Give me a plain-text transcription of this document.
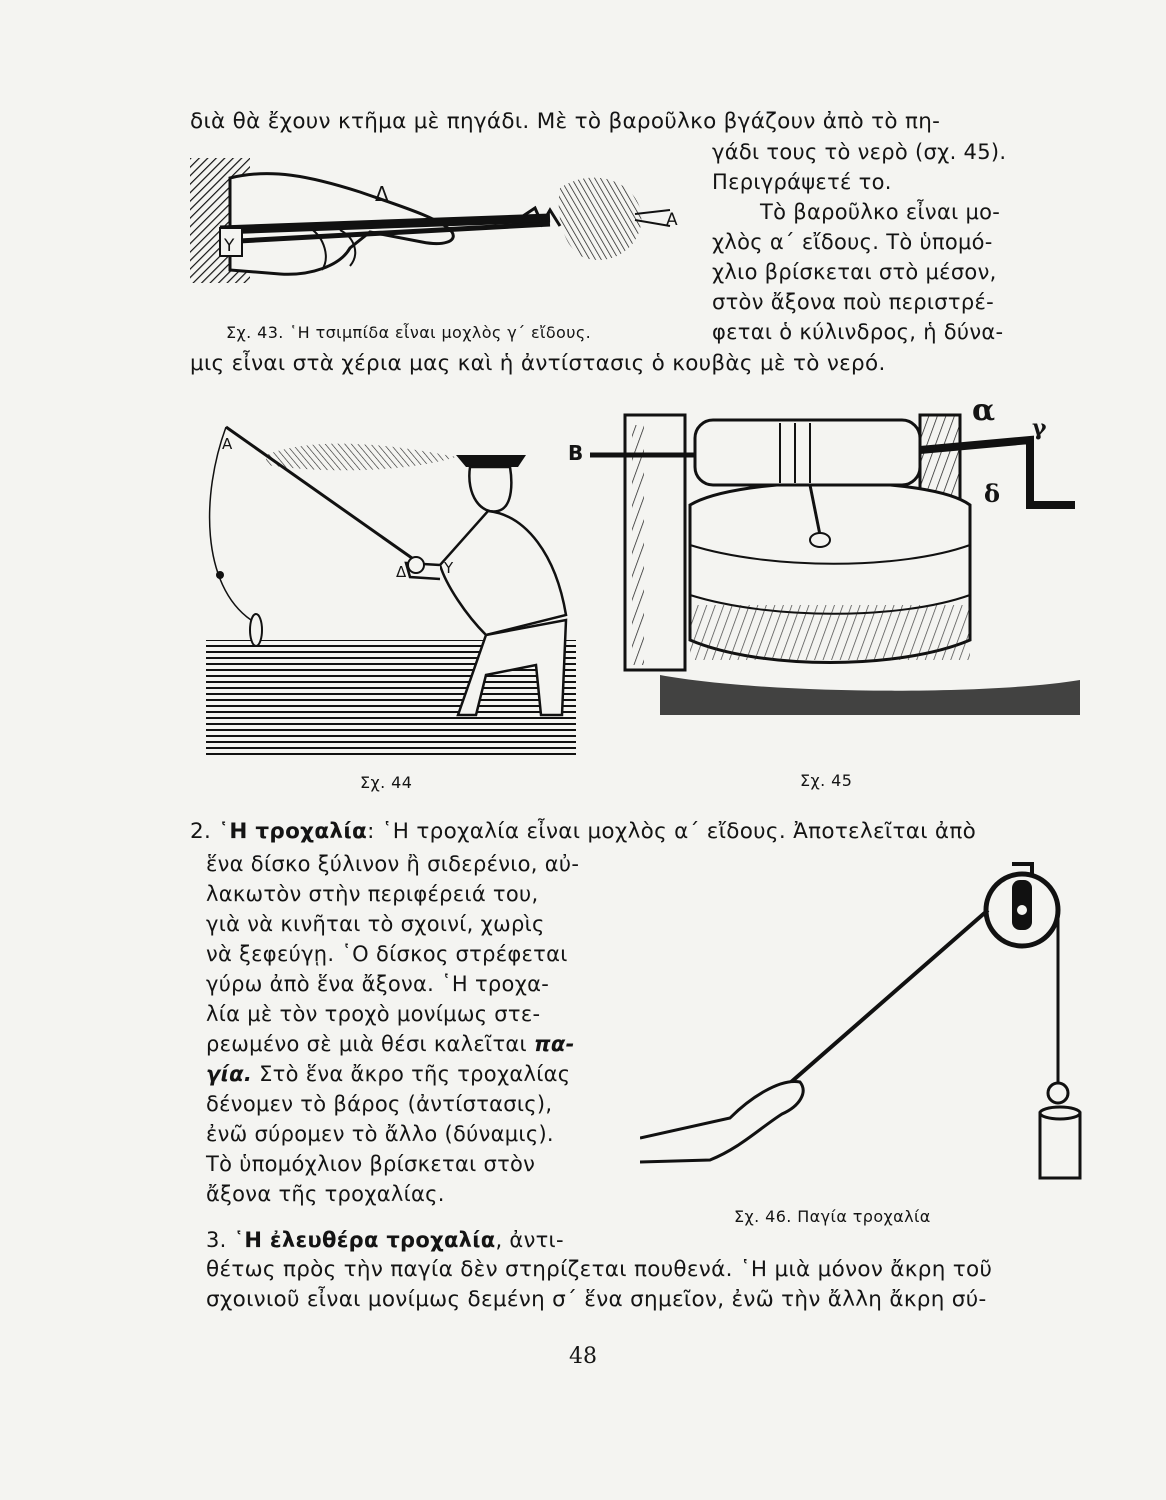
διὰ θὰ ἔχουν κτῆμα μὲ πηγάδι. Μὲ τὸ βαροῦλκο βγάζουν ἀπὸ τὸ πη-

γάδι τους τὸ νερὸ (σχ. 45).

Περιγράψετέ το.

Τὸ βαροῦλκο εἶναι μο-

χλὸς α΄ εἴδους. Τὸ ὑπομό-

χλιο βρίσκεται στὸ μέσον,

στὸν ἄξονα ποὺ περιστρέ-

φεται ὁ κύλινδρος, ἡ δύνα-

μις εἶναι στὰ χέρια μας καὶ ἡ ἀντίστασις ὁ κουβὰς μὲ τὸ νερό.

Δ
Α
Υ

Σχ. 43. ῾Η τσιμπίδα εἶναι μοχλὸς γ΄ εἴδους.

Α
Δ	Υ

Σχ. 44

Β
α γ
δ

Σχ. 45

2. ῾Η τροχαλία: ῾Η τροχαλία εἶναι μοχλὸς α΄ εἴδους. Ἀποτελεῖται ἀπὸ

ἕνα δίσκο ξύλινον ἢ σιδερένιο, αὐ-

λακωτὸν στὴν περιφέρειά του,

γιὰ νὰ κινῆται τὸ σχοινί, χωρὶς

νὰ ξεφεύγῃ. ῾Ο δίσκος στρέφεται

γύρω ἀπὸ ἕνα ἄξονα. ῾Η τροχα-

λία μὲ τὸν τροχὸ μονίμως στε-

ρεωμένο σὲ μιὰ θέσι καλεῖται πα-

γία. Στὸ ἕνα ἄκρο τῆς τροχαλίας

δένομεν τὸ βάρος (ἀντίστασις),

ἐνῶ σύρομεν τὸ ἄλλο (δύναμις).

Τὸ ὑπομόχλιον βρίσκεται στὸν

ἄξονα τῆς τροχαλίας.

Σχ. 46. Παγία τροχαλία

3. ῾Η ἐλευθέρα τροχαλία, ἀντι-

θέτως πρὸς τὴν παγία δὲν στηρίζεται πουθενά. ῾Η μιὰ μόνον ἄκρη τοῦ

σχοινιοῦ εἶναι μονίμως δεμένη σ΄ ἕνα σημεῖον, ἐνῶ τὴν ἄλλη ἄκρη σύ-

48
